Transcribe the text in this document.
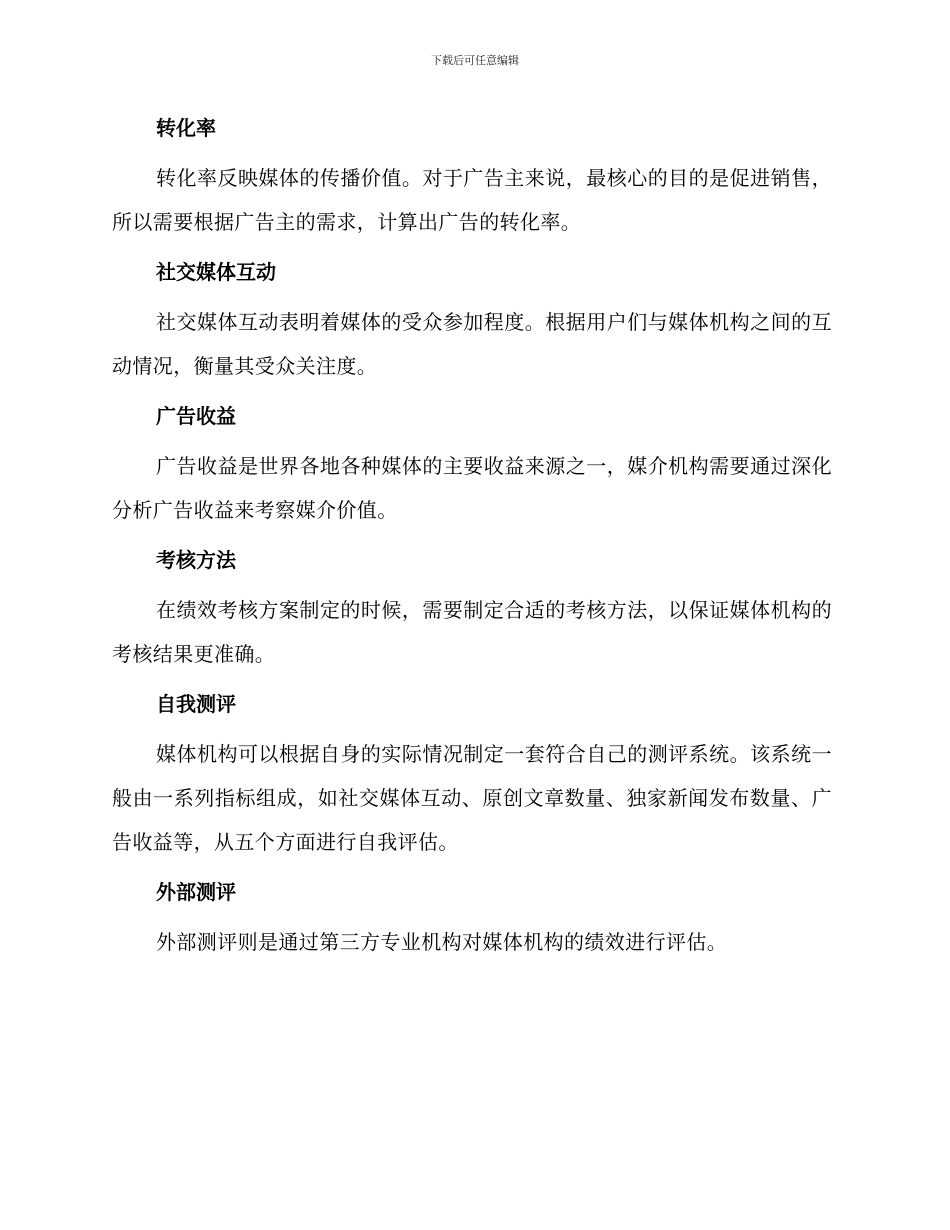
下载后可任意编辑
转化率

转化率反映媒体的传播价值。对于广告主来说，最核心的目的是促进销售，所以需要根据广告主的需求，计算出广告的转化率。

社交媒体互动

社交媒体互动表明着媒体的受众参加程度。根据用户们与媒体机构之间的互动情况，衡量其受众关注度。

广告收益

广告收益是世界各地各种媒体的主要收益来源之一，媒介机构需要通过深化分析广告收益来考察媒介价值。

考核方法

在绩效考核方案制定的时候，需要制定合适的考核方法，以保证媒体机构的考核结果更准确。

自我测评

媒体机构可以根据自身的实际情况制定一套符合自己的测评系统。该系统一般由一系列指标组成，如社交媒体互动、原创文章数量、独家新闻发布数量、广告收益等，从五个方面进行自我评估。

外部测评

外部测评则是通过第三方专业机构对媒体机构的绩效进行评估。
